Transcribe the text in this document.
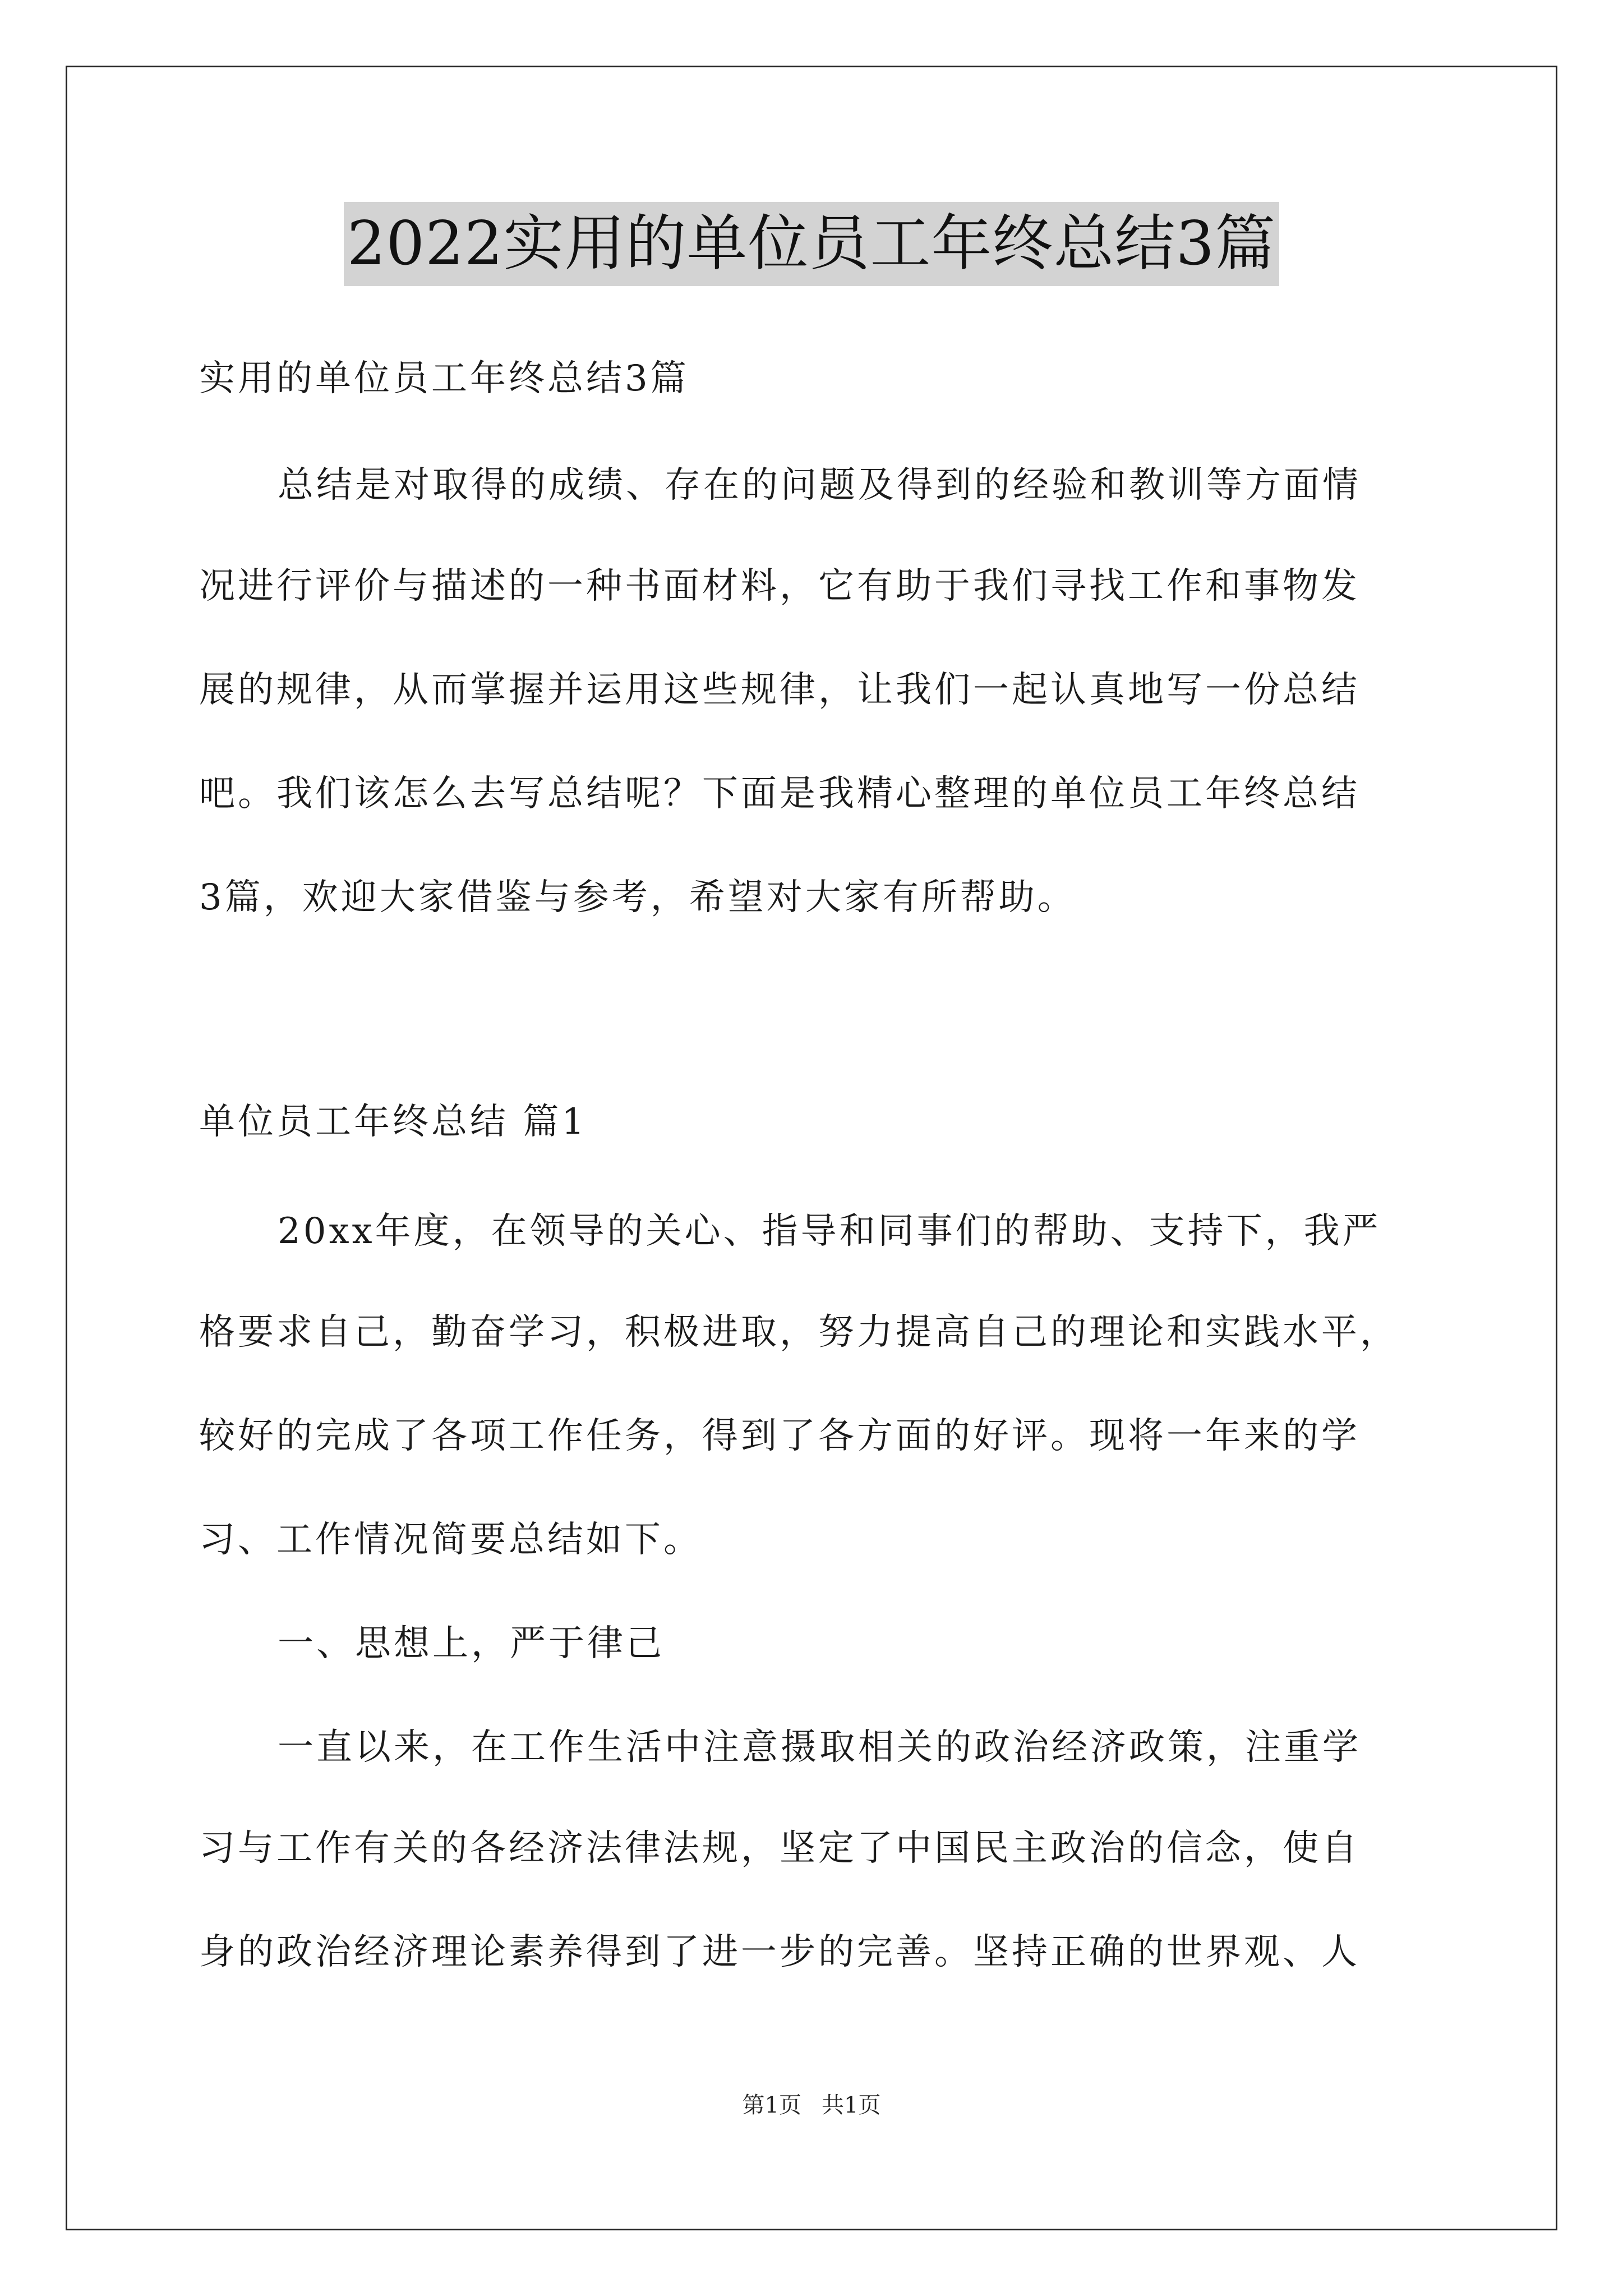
2022实用的单位员工年终总结3篇
实用的单位员工年终总结3篇
总结是对取得的成绩、存在的问题及得到的经验和教训等方面情
况进行评价与描述的一种书面材料，它有助于我们寻找工作和事物发
展的规律，从而掌握并运用这些规律，让我们一起认真地写一份总结
吧。我们该怎么去写总结呢？下面是我精心整理的单位员工年终总结
3篇，欢迎大家借鉴与参考，希望对大家有所帮助。
单位员工年终总结 篇1
20xx年度，在领导的关心、指导和同事们的帮助、支持下，我严
格要求自己，勤奋学习，积极进取，努力提高自己的理论和实践水平，
较好的完成了各项工作任务，得到了各方面的好评。现将一年来的学
习、工作情况简要总结如下。
一、思想上，严于律己
一直以来，在工作生活中注意摄取相关的政治经济政策，注重学
习与工作有关的各经济法律法规，坚定了中国民主政治的信念，使自
身的政治经济理论素养得到了进一步的完善。坚持正确的世界观、人
第1页 共1页
